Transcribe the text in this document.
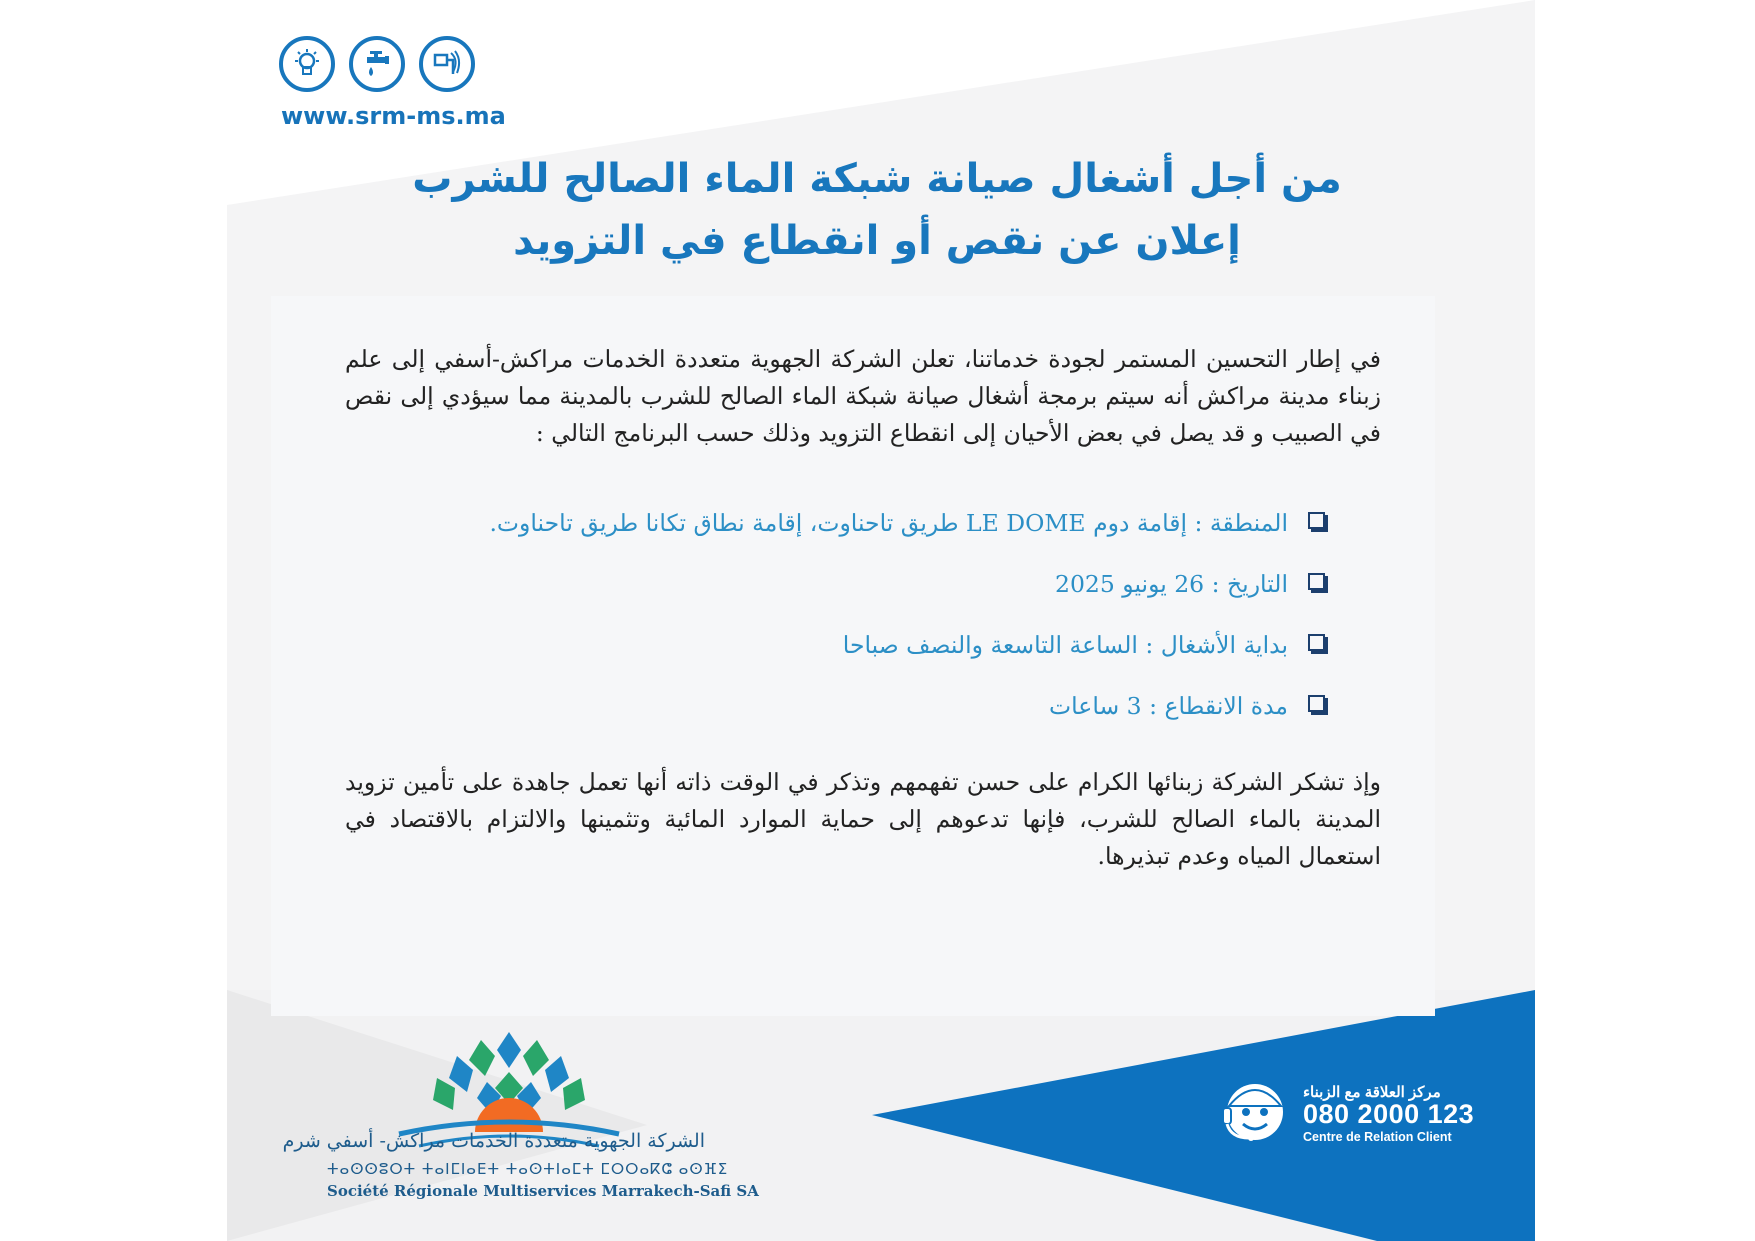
www.srm-ms.ma
من أجل أشغال صيانة شبكة الماء الصالح للشرب
إعلان عن نقص أو انقطاع في التزويد
في إطار التحسين المستمر لجودة خدماتنا، تعلن الشركة الجهوية متعددة الخدمات مراكش-أسفي إلى علم زبناء مدينة مراكش أنه سيتم برمجة أشغال صيانة شبكة الماء الصالح للشرب بالمدينة مما سيؤدي إلى نقص في الصبيب و قد يصل في بعض الأحيان إلى انقطاع التزويد وذلك حسب البرنامج التالي :
المنطقة : إقامة دوم LE DOME طريق تاحناوت، إقامة نطاق تكانا طريق تاحناوت.
التاريخ : 26 يونيو 2025
بداية الأشغال : الساعة التاسعة والنصف صباحا
مدة الانقطاع : 3 ساعات
وإذ تشكر الشركة زبنائها الكرام على حسن تفهمهم وتذكر في الوقت ذاته أنها تعمل جاهدة على تأمين تزويد المدينة بالماء الصالح للشرب، فإنها تدعوهم إلى حماية الموارد المائية وتثمينها والالتزام بالاقتصاد في استعمال المياه وعدم تبذيرها.
الشركة الجهوية متعددة الخدمات مراكش- أسفي شرم
ⵜⴰⵙⵙⵓⵔⵜ ⵜⴰⵏⵎⵏⴰⴹⵜ ⵜⴰⵙⵜⵏⴰⵎⵜ ⵎⵔⵔⴰⴽⵛ ⴰⵙⴼⵉ
Société Régionale Multiservices Marrakech-Safi SA
مركز العلاقة مع الزبناء
080 2000 123
Centre de Relation Client
